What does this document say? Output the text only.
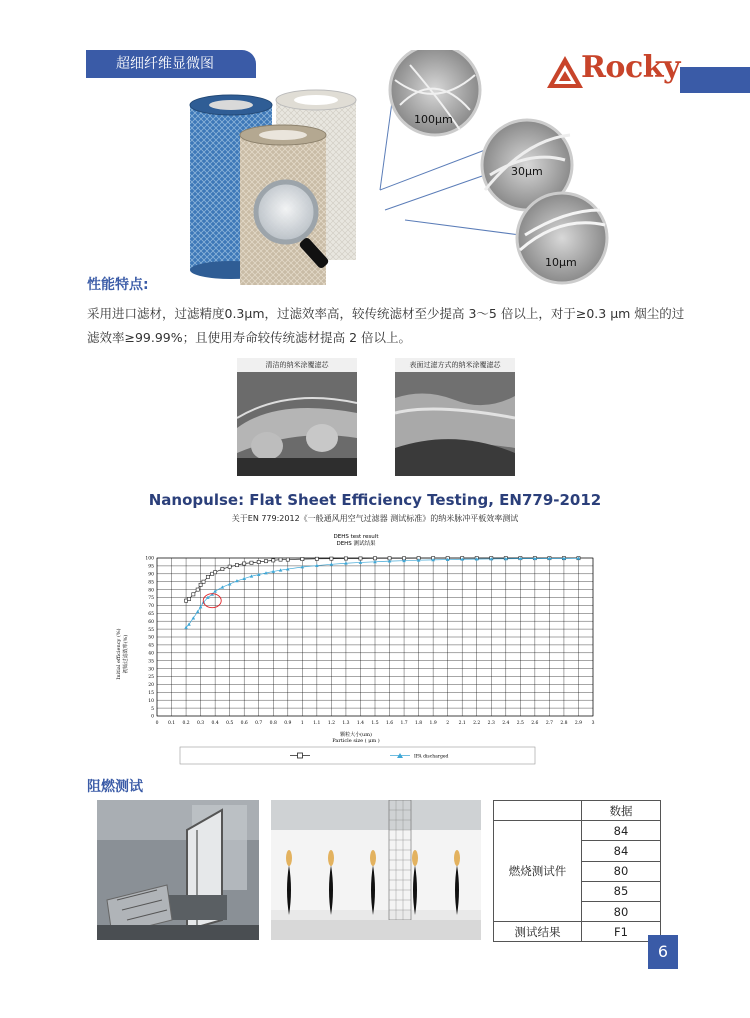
超细纤维显微图	Rocky
100μm
30μm
10μm
性能特点:

采用进口滤材，过滤精度0.3μm，过滤效率高，较传统滤材至少提高 3～5 倍以上，对于≥0.3 μm 烟尘的过滤效率≥99.99%；且使用寿命较传统滤材提高 2 倍以上。

清洁的纳米涂覆滤芯	表面过滤方式的纳米涂覆滤芯
Nanopulse: Flat Sheet Efficiency Testing, EN779-2012
关于EN 779:2012《一般通风用空气过滤器 测试标准》的纳米脉冲平板效率测试
DEHS test result
DEHS 测试结果
0
5
10
15
20
25
30
35
40
45
50
55
60
65
70
75
80
85
90
95
100
0 0.1 0.2 0.3 0.4 0.5 0.6 0.7 0.8 0.9 1 1.1 1.2 1.3 1.4 1.5 1.6 1.7 1.8 1.9 2 2.1 2.2 2.3 2.4 2.5 2.6 2.7 2.8 2.9 3
颗粒大小(um)
Particle size ( μm )
Initial efficiency (%) 初始过滤效率(%)
IPA discharged
阻燃测试
	数据
燃烧测试件	84
	84
	80
	85
	80
测试结果	F1
6
